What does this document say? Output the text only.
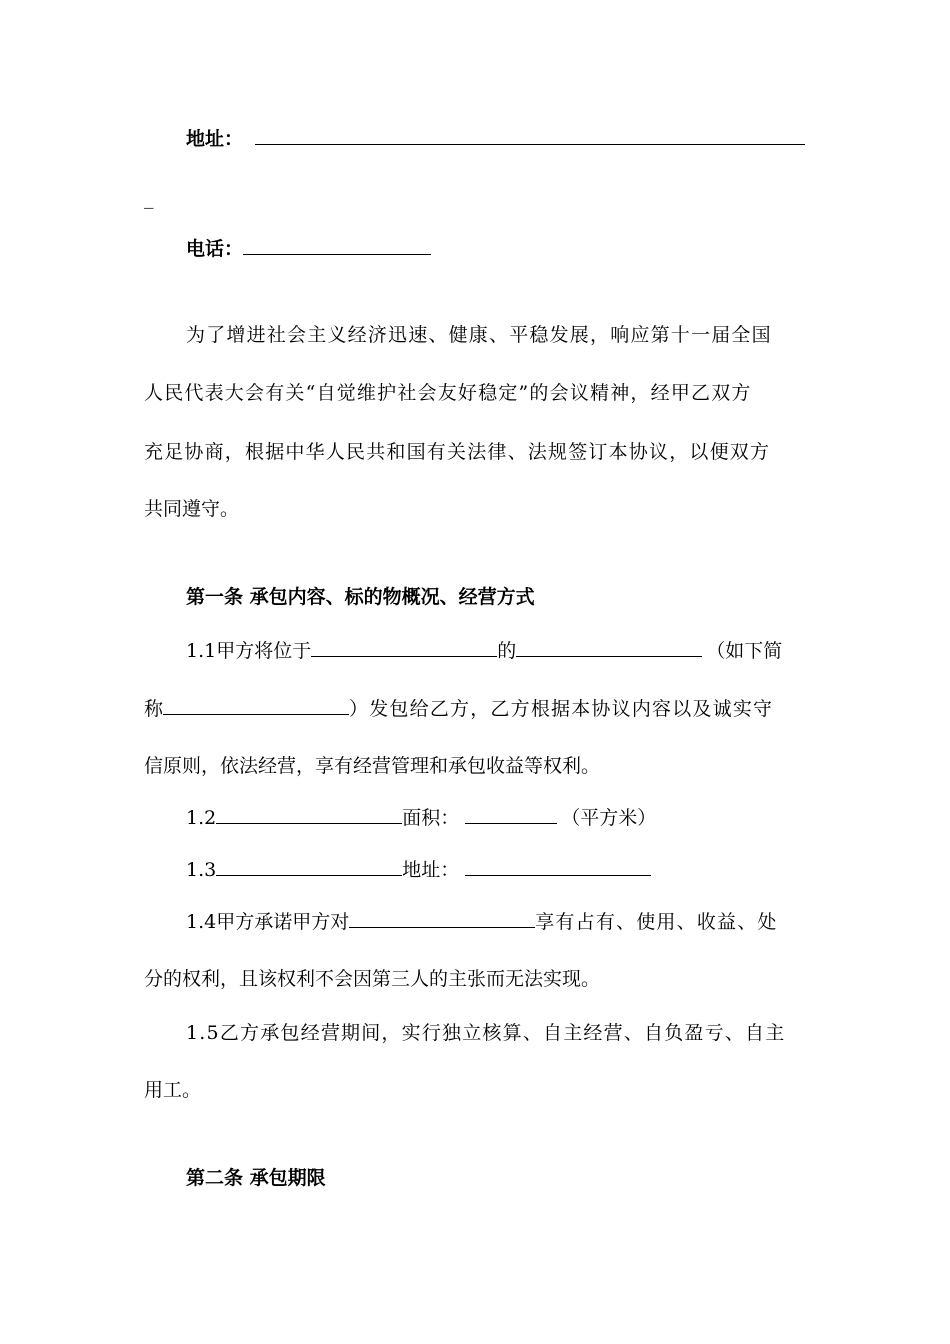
地址：
_
电话：
为了增进社会主义经济迅速、健康、平稳发展，响应第十一届全国
人民代表大会有关“自觉维护社会友好稳定”的会议精神，经甲乙双方
充足协商，根据中华人民共和国有关法律、法规签订本协议，以便双方
共同遵守。
第一条 承包内容、标的物概况、经营方式
1.1甲方将位于	的	（如下简
称	）发包给乙方，乙方根据本协议内容以及诚实守
信原则，依法经营，享有经营管理和承包收益等权利。
1.2	面积：	（平方米）
1.3	地址：
1.4甲方承诺甲方对	享有占有、使用、收益、处
分的权利，且该权利不会因第三人的主张而无法实现。
1.5乙方承包经营期间，实行独立核算、自主经营、自负盈亏、自主
用工。
第二条 承包期限
